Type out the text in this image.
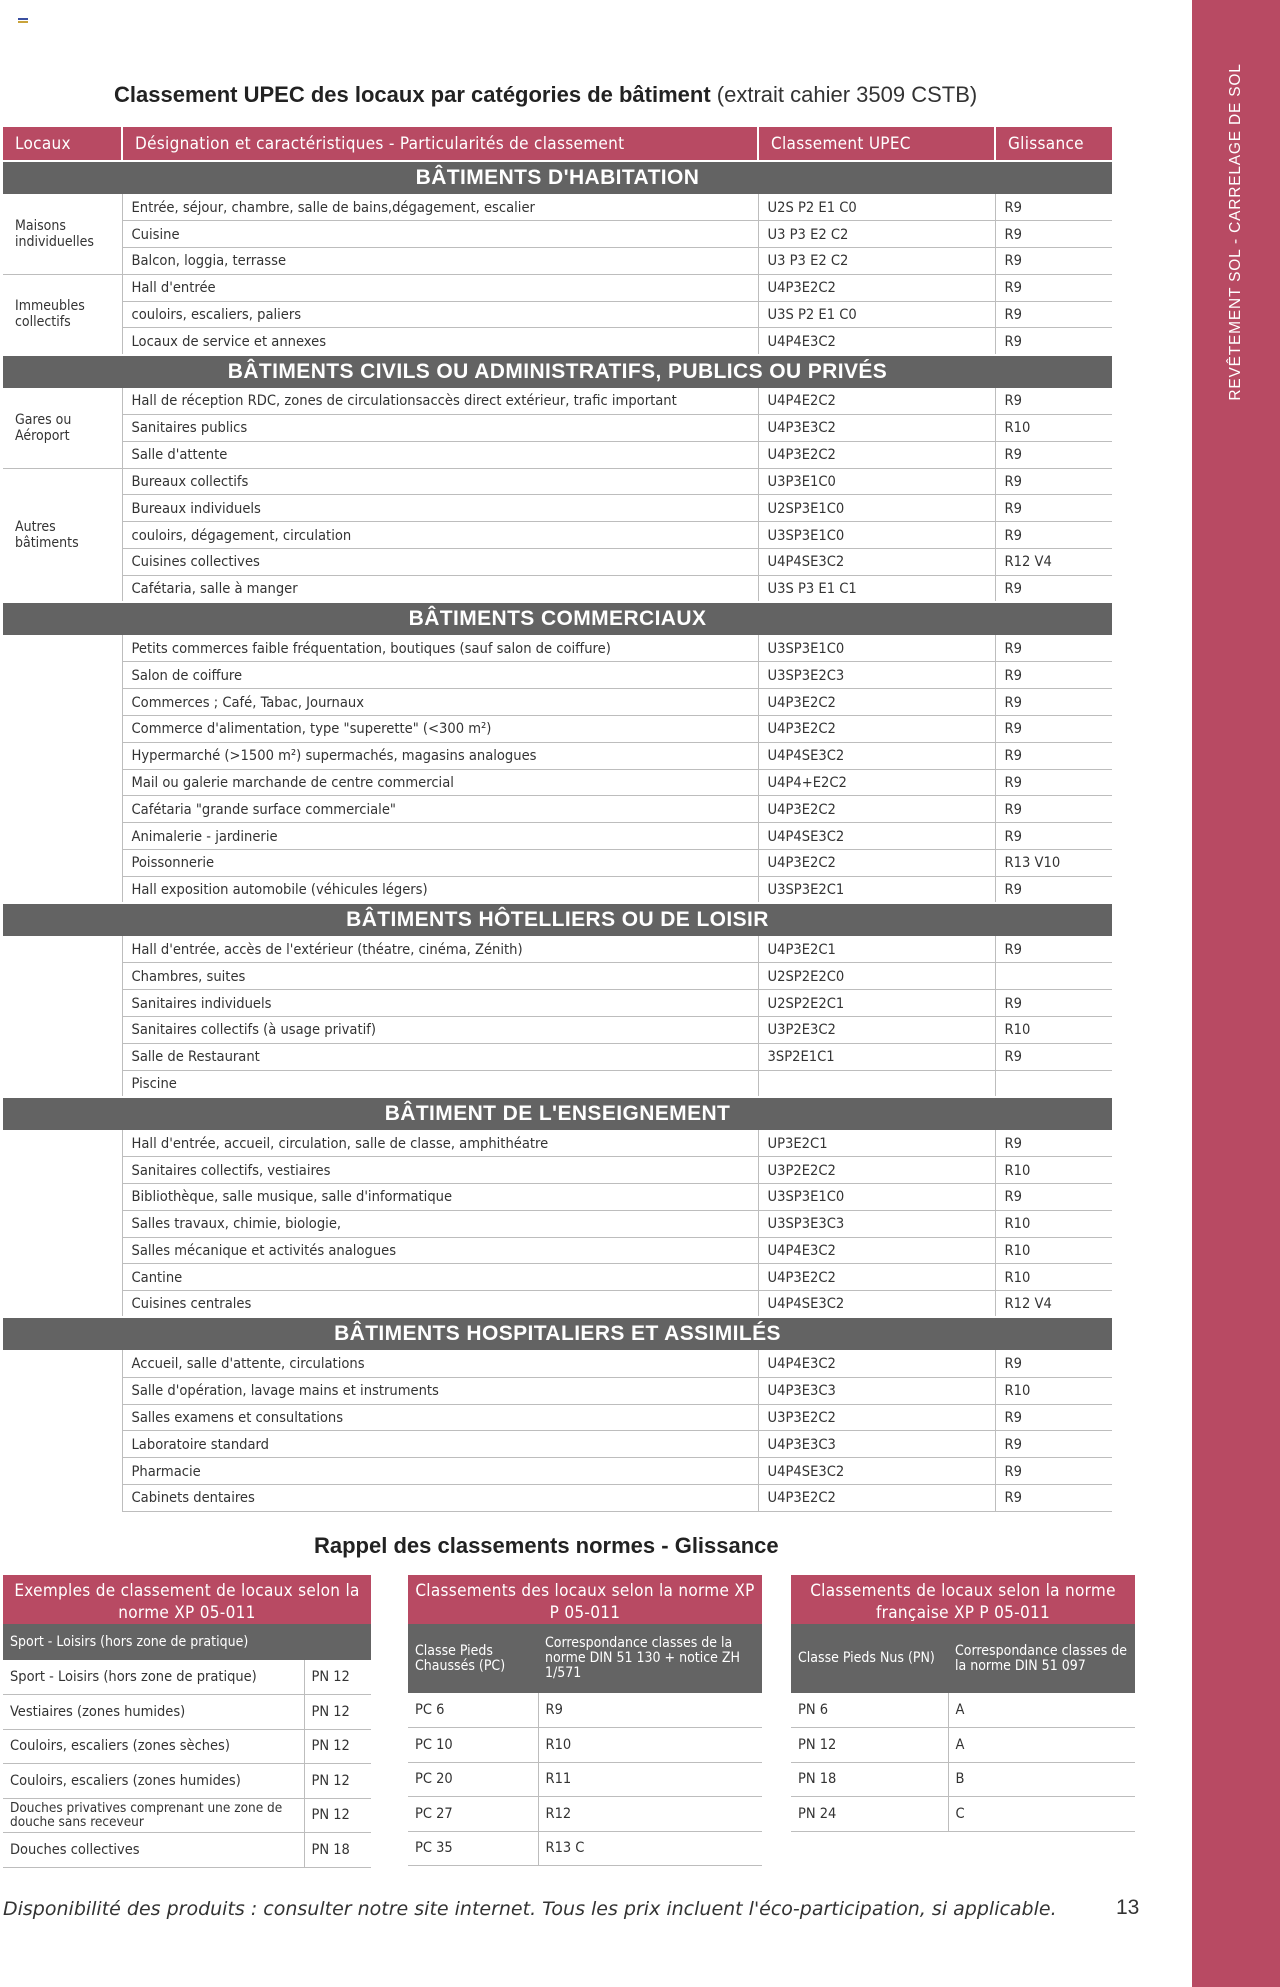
REVÊTEMENT SOL - CARRELAGE DE SOL
Classement UPEC des locaux par catégories de bâtiment (extrait cahier 3509 CSTB)
Locaux	Désignation et caractéristiques - Particularités de classement	Classement UPEC	Glissance
BÂTIMENTS D'HABITATION			
Maisons individuelles	Entrée, séjour, chambre, salle de bains,dégagement, escalier	U2S P2 E1 C0	R9
	Cuisine	U3 P3 E2 C2	R9
	Balcon, loggia, terrasse	U3 P3 E2 C2	R9
Immeubles collectifs	Hall d'entrée	U4P3E2C2	R9
	couloirs, escaliers, paliers	U3S P2 E1 C0	R9
	Locaux de service et annexes	U4P4E3C2	R9
BÂTIMENTS CIVILS OU ADMINISTRATIFS, PUBLICS OU PRIVÉS			
Gares ou Aéroport	Hall de réception RDC, zones de circulationsaccès direct extérieur, trafic important	U4P4E2C2	R9
	Sanitaires publics	U4P3E3C2	R10
	Salle d'attente	U4P3E2C2	R9
Autres bâtiments	Bureaux collectifs	U3P3E1C0	R9
	Bureaux individuels	U2SP3E1C0	R9
	couloirs, dégagement, circulation	U3SP3E1C0	R9
	Cuisines collectives	U4P4SE3C2	R12 V4
	Cafétaria, salle à manger	U3S P3 E1 C1	R9
BÂTIMENTS COMMERCIAUX			
	Petits commerces faible fréquentation, boutiques (sauf salon de coiffure)	U3SP3E1C0	R9
	Salon de coiffure	U3SP3E2C3	R9
	Commerces ; Café, Tabac, Journaux	U4P3E2C2	R9
	Commerce d'alimentation, type "superette" (<300 m²)	U4P3E2C2	R9
	Hypermarché (>1500 m²) supermachés, magasins analogues	U4P4SE3C2	R9
	Mail ou galerie marchande de centre commercial	U4P4+E2C2	R9
	Cafétaria "grande surface commerciale"	U4P3E2C2	R9
	Animalerie - jardinerie	U4P4SE3C2	R9
	Poissonnerie	U4P3E2C2	R13 V10
	Hall exposition automobile (véhicules légers)	U3SP3E2C1	R9
BÂTIMENTS HÔTELLIERS OU DE LOISIR			
	Hall d'entrée, accès de l'extérieur (théatre, cinéma, Zénith)	U4P3E2C1	R9
	Chambres, suites	U2SP2E2C0	
	Sanitaires individuels	U2SP2E2C1	R9
	Sanitaires collectifs (à usage privatif)	U3P2E3C2	R10
	Salle de Restaurant	3SP2E1C1	R9
	Piscine		
BÂTIMENT DE L'ENSEIGNEMENT			
	Hall d'entrée, accueil, circulation, salle de classe, amphithéatre	UP3E2C1	R9
	Sanitaires collectifs, vestiaires	U3P2E2C2	R10
	Bibliothèque, salle musique, salle d'informatique	U3SP3E1C0	R9
	Salles travaux, chimie, biologie,	U3SP3E3C3	R10
	Salles mécanique et activités analogues	U4P4E3C2	R10
	Cantine	U4P3E2C2	R10
	Cuisines centrales	U4P4SE3C2	R12 V4
BÂTIMENTS HOSPITALIERS ET ASSIMILÉS			
	Accueil, salle d'attente, circulations	U4P4E3C2	R9
	Salle d'opération, lavage mains et instruments	U4P3E3C3	R10
	Salles examens et consultations	U3P3E2C2	R9
	Laboratoire standard	U4P3E3C3	R9
	Pharmacie	U4P4SE3C2	R9
	Cabinets dentaires	U4P3E2C2	R9
Rappel des classements normes - Glissance
Exemples de classement de locaux selon la norme XP 05-011
Sport - Loisirs (hors zone de pratique)	
Sport - Loisirs (hors zone de pratique)	PN 12
Vestiaires (zones humides)	PN 12
Couloirs, escaliers (zones sèches)	PN 12
Couloirs, escaliers (zones humides)	PN 12
Douches privatives comprenant une zone de douche sans receveur	PN 12
Douches collectives	PN 18
Classements des locaux selon la norme XP P 05-011
Classe Pieds Chaussés (PC)	Correspondance classes de la norme DIN 51 130 + notice ZH 1/571
PC 6	R9
PC 10	R10
PC 20	R11
PC 27	R12
PC 35	R13 C
Classements de locaux selon la norme française XP P 05-011
Classe Pieds Nus (PN)	Correspondance classes de la norme DIN 51 097
PN 6	A
PN 12	A
PN 18	B
PN 24	C
Disponibilité des produits : consulter notre site internet. Tous les prix incluent l'éco-participation, si applicable.	13
